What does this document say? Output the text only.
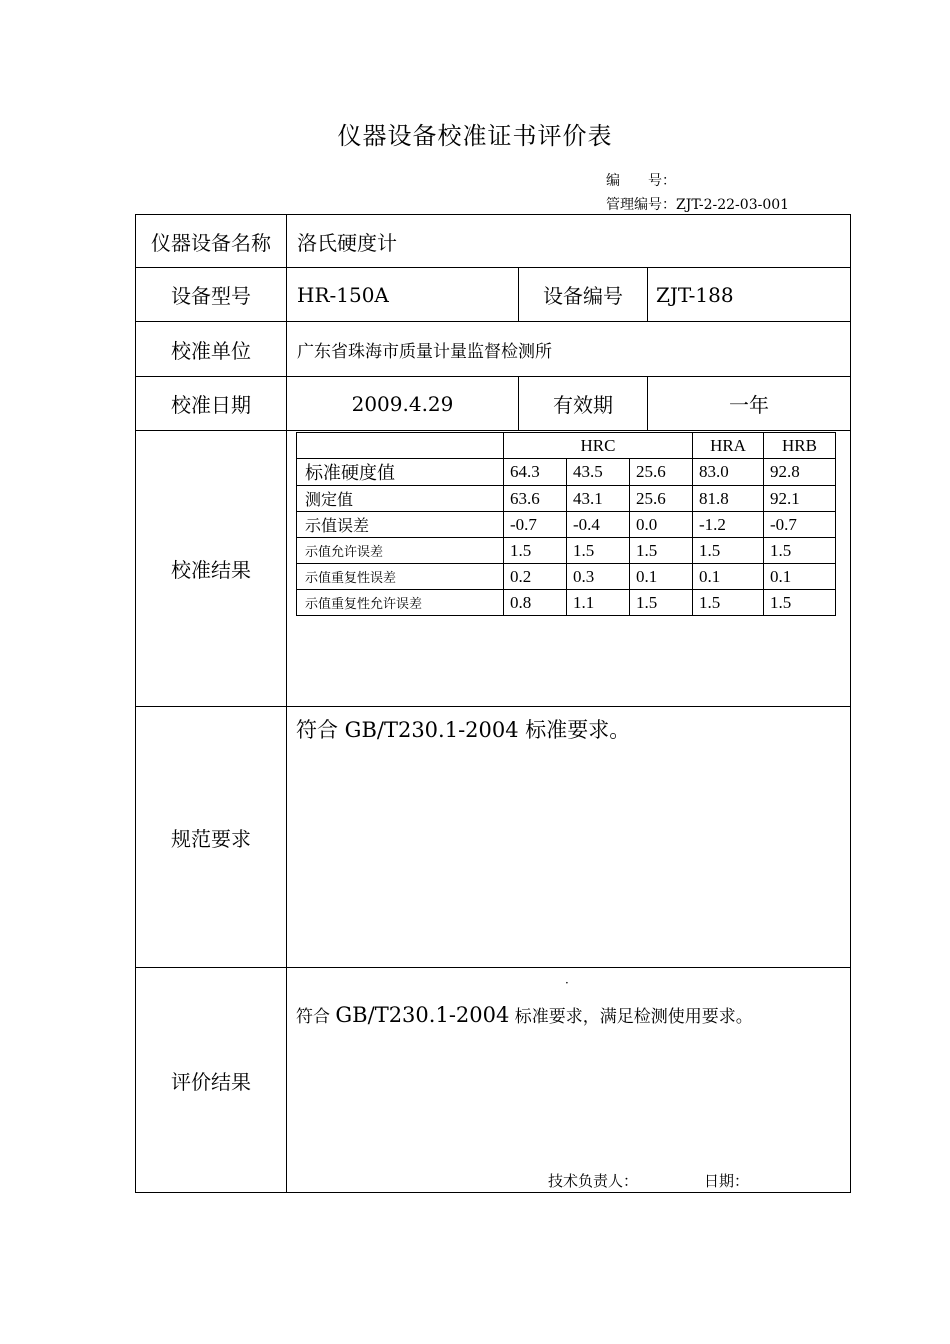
仪器设备校准证书评价表
编 号：
管理编号：ZJT-2-22-03-001
仪器设备名称	洛氏硬度计
设备型号	HR-150A	设备编号	ZJT-188
校准单位	广东省珠海市质量计量监督检测所
校准日期	2009.4.29	有效期	一年
校准结果
	HRC			HRA	HRB
标准硬度值	64.3	43.5	25.6	83.0	92.8
测定值	63.6	43.1	25.6	81.8	92.1
示值误差	-0.7	-0.4	0.0	-1.2	-0.7
示值允许误差	1.5	1.5	1.5	1.5	1.5
示值重复性误差	0.2	0.3	0.1	0.1	0.1
示值重复性允许误差	0.8	1.1	1.5	1.5	1.5
规范要求
符合 GB/T230.1-2004 标准要求。
评价结果
·
符合 GB/T230.1-2004 标准要求，满足检测使用要求。
技术负责人：	日期：
